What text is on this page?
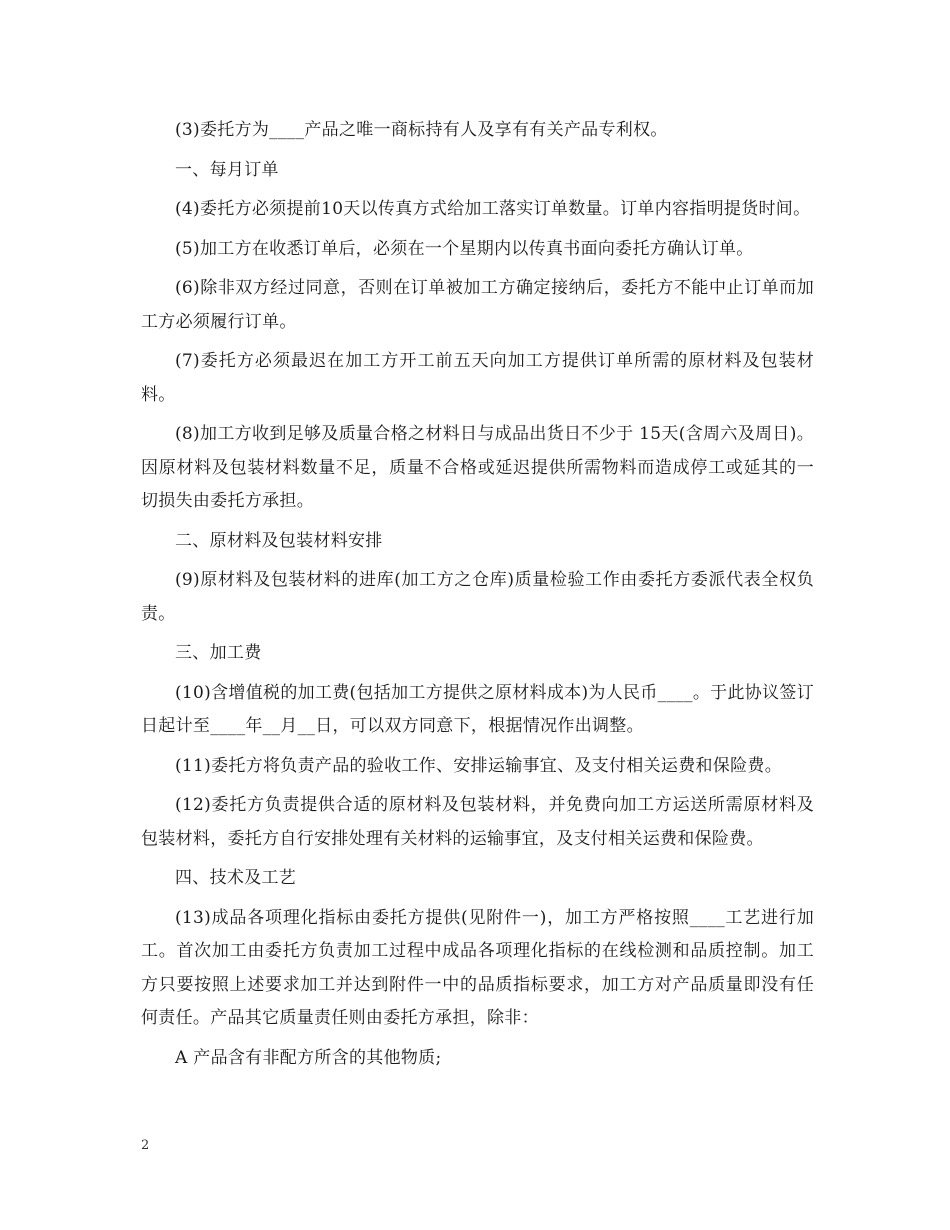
(3)委托方为____产品之唯一商标持有人及享有有关产品专利权。

一、每月订单

(4)委托方必须提前10天以传真方式给加工落实订单数量。订单内容指明提货时间。

(5)加工方在收悉订单后，必须在一个星期内以传真书面向委托方确认订单。

(6)除非双方经过同意，否则在订单被加工方确定接纳后，委托方不能中止订单而加工方必须履行订单。

(7)委托方必须最迟在加工方开工前五天向加工方提供订单所需的原材料及包装材料。

(8)加工方收到足够及质量合格之材料日与成品出货日不少于 15天(含周六及周日)。因原材料及包装材料数量不足，质量不合格或延迟提供所需物料而造成停工或延其的一切损失由委托方承担。

二、原材料及包装材料安排

(9)原材料及包装材料的进库(加工方之仓库)质量检验工作由委托方委派代表全权负责。

三、加工费

(10)含增值税的加工费(包括加工方提供之原材料成本)为人民币____。于此协议签订日起计至____年__月__日，可以双方同意下，根据情况作出调整。

(11)委托方将负责产品的验收工作、安排运输事宜、及支付相关运费和保险费。

(12)委托方负责提供合适的原材料及包装材料，并免费向加工方运送所需原材料及包装材料，委托方自行安排处理有关材料的运输事宜，及支付相关运费和保险费。

四、技术及工艺

(13)成品各项理化指标由委托方提供(见附件一)，加工方严格按照____工艺进行加工。首次加工由委托方负责加工过程中成品各项理化指标的在线检测和品质控制。加工方只要按照上述要求加工并达到附件一中的品质指标要求，加工方对产品质量即没有任何责任。产品其它质量责任则由委托方承担，除非：

A 产品含有非配方所含的其他物质;

2
